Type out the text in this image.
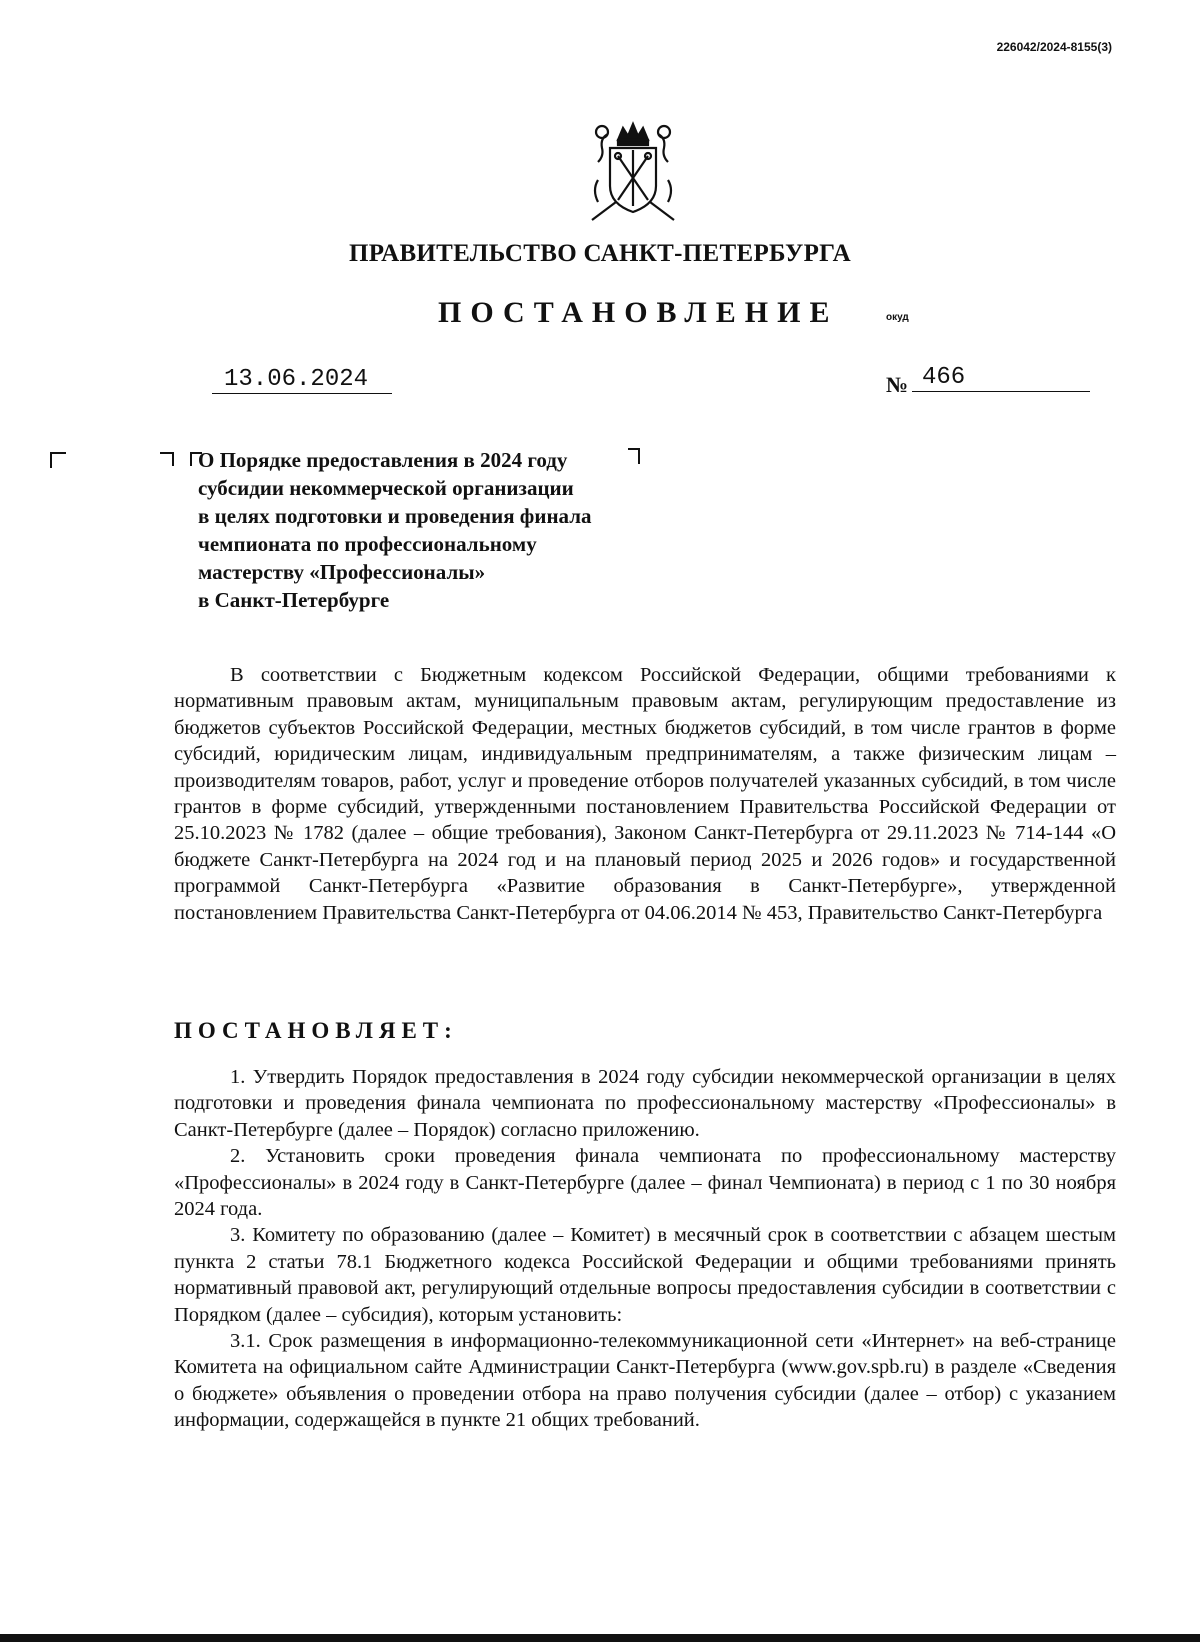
226042/2024-8155(3)
ПРАВИТЕЛЬСТВО САНКТ-ПЕТЕРБУРГА
ПОСТАНОВЛЕНИЕ	окуд
13.06.2024	№ 466
О Порядке предоставления в 2024 году
субсидии некоммерческой организации
в целях подготовки и проведения финала
чемпионата по профессиональному
мастерству «Профессионалы»
в Санкт-Петербурге

В соответствии с Бюджетным кодексом Российской Федерации, общими требованиями к нормативным правовым актам, муниципальным правовым актам, регулирующим предоставление из бюджетов субъектов Российской Федерации, местных бюджетов субсидий, в том числе грантов в форме субсидий, юридическим лицам, индивидуальным предпринимателям, а также физическим лицам – производителям товаров, работ, услуг и проведение отборов получателей указанных субсидий, в том числе грантов в форме субсидий, утвержденными постановлением Правительства Российской Федерации от 25.10.2023 № 1782 (далее – общие требования), Законом Санкт-Петербурга от 29.11.2023 № 714-144 «О бюджете Санкт-Петербурга на 2024 год и на плановый период 2025 и 2026 годов» и государственной программой Санкт-Петербурга «Развитие образования в Санкт-Петербурге», утвержденной постановлением Правительства Санкт-Петербурга от 04.06.2014 № 453, Правительство Санкт-Петербурга

ПОСТАНОВЛЯЕТ:

1. Утвердить Порядок предоставления в 2024 году субсидии некоммерческой организации в целях подготовки и проведения финала чемпионата по профессиональному мастерству «Профессионалы» в Санкт-Петербурге (далее – Порядок) согласно приложению.

2. Установить сроки проведения финала чемпионата по профессиональному мастерству «Профессионалы» в 2024 году в Санкт-Петербурге (далее – финал Чемпионата) в период с 1 по 30 ноября 2024 года.

3. Комитету по образованию (далее – Комитет) в месячный срок в соответствии с абзацем шестым пункта 2 статьи 78.1 Бюджетного кодекса Российской Федерации и общими требованиями принять нормативный правовой акт, регулирующий отдельные вопросы предоставления субсидии в соответствии с Порядком (далее – субсидия), которым установить:

3.1. Срок размещения в информационно-телекоммуникационной сети «Интернет» на веб-странице Комитета на официальном сайте Администрации Санкт-Петербурга (www.gov.spb.ru) в разделе «Сведения о бюджете» объявления о проведении отбора на право получения субсидии (далее – отбор) с указанием информации, содержащейся в пункте 21 общих требований.
